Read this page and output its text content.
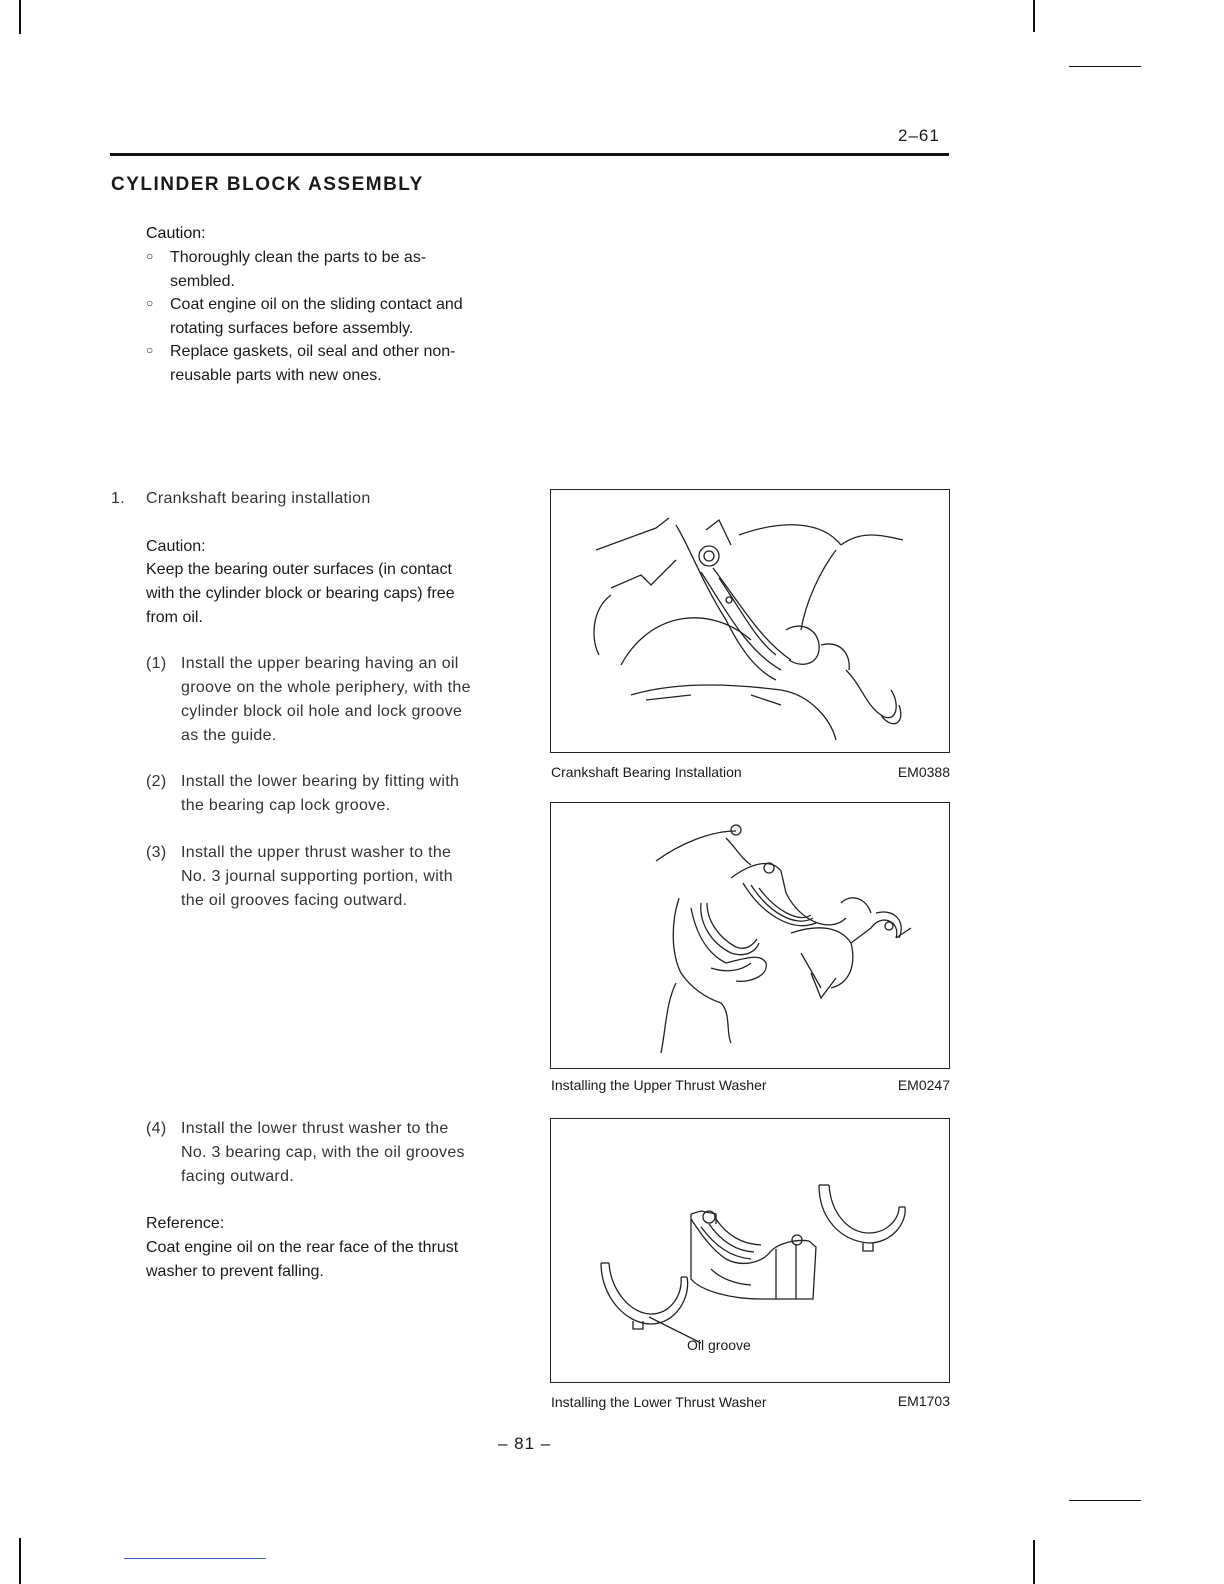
2–61
CYLINDER BLOCK ASSEMBLY
Caution:
○ Thoroughly clean the parts to be as-
sembled.
○ Coat engine oil on the sliding contact and
rotating surfaces before assembly.
○ Replace gaskets, oil seal and other non-
reusable parts with new ones.
1. Crankshaft bearing installation
Caution:
Keep the bearing outer surfaces (in contact
with the cylinder block or bearing caps) free
from oil.
(1) Install the upper bearing having an oil
groove on the whole periphery, with the
cylinder block oil hole and lock groove
as the guide.
(2) Install the lower bearing by fitting with
the bearing cap lock groove.
(3) Install the upper thrust washer to the
No. 3 journal supporting portion, with
the oil grooves facing outward.
(4) Install the lower thrust washer to the
No. 3 bearing cap, with the oil grooves
facing outward.
Reference:
Coat engine oil on the rear face of the thrust
washer to prevent falling.
Crankshaft Bearing Installation	EM0388
Installing the Upper Thrust Washer	EM0247
Oil groove
Installing the Lower Thrust Washer	EM1703
– 81 –
